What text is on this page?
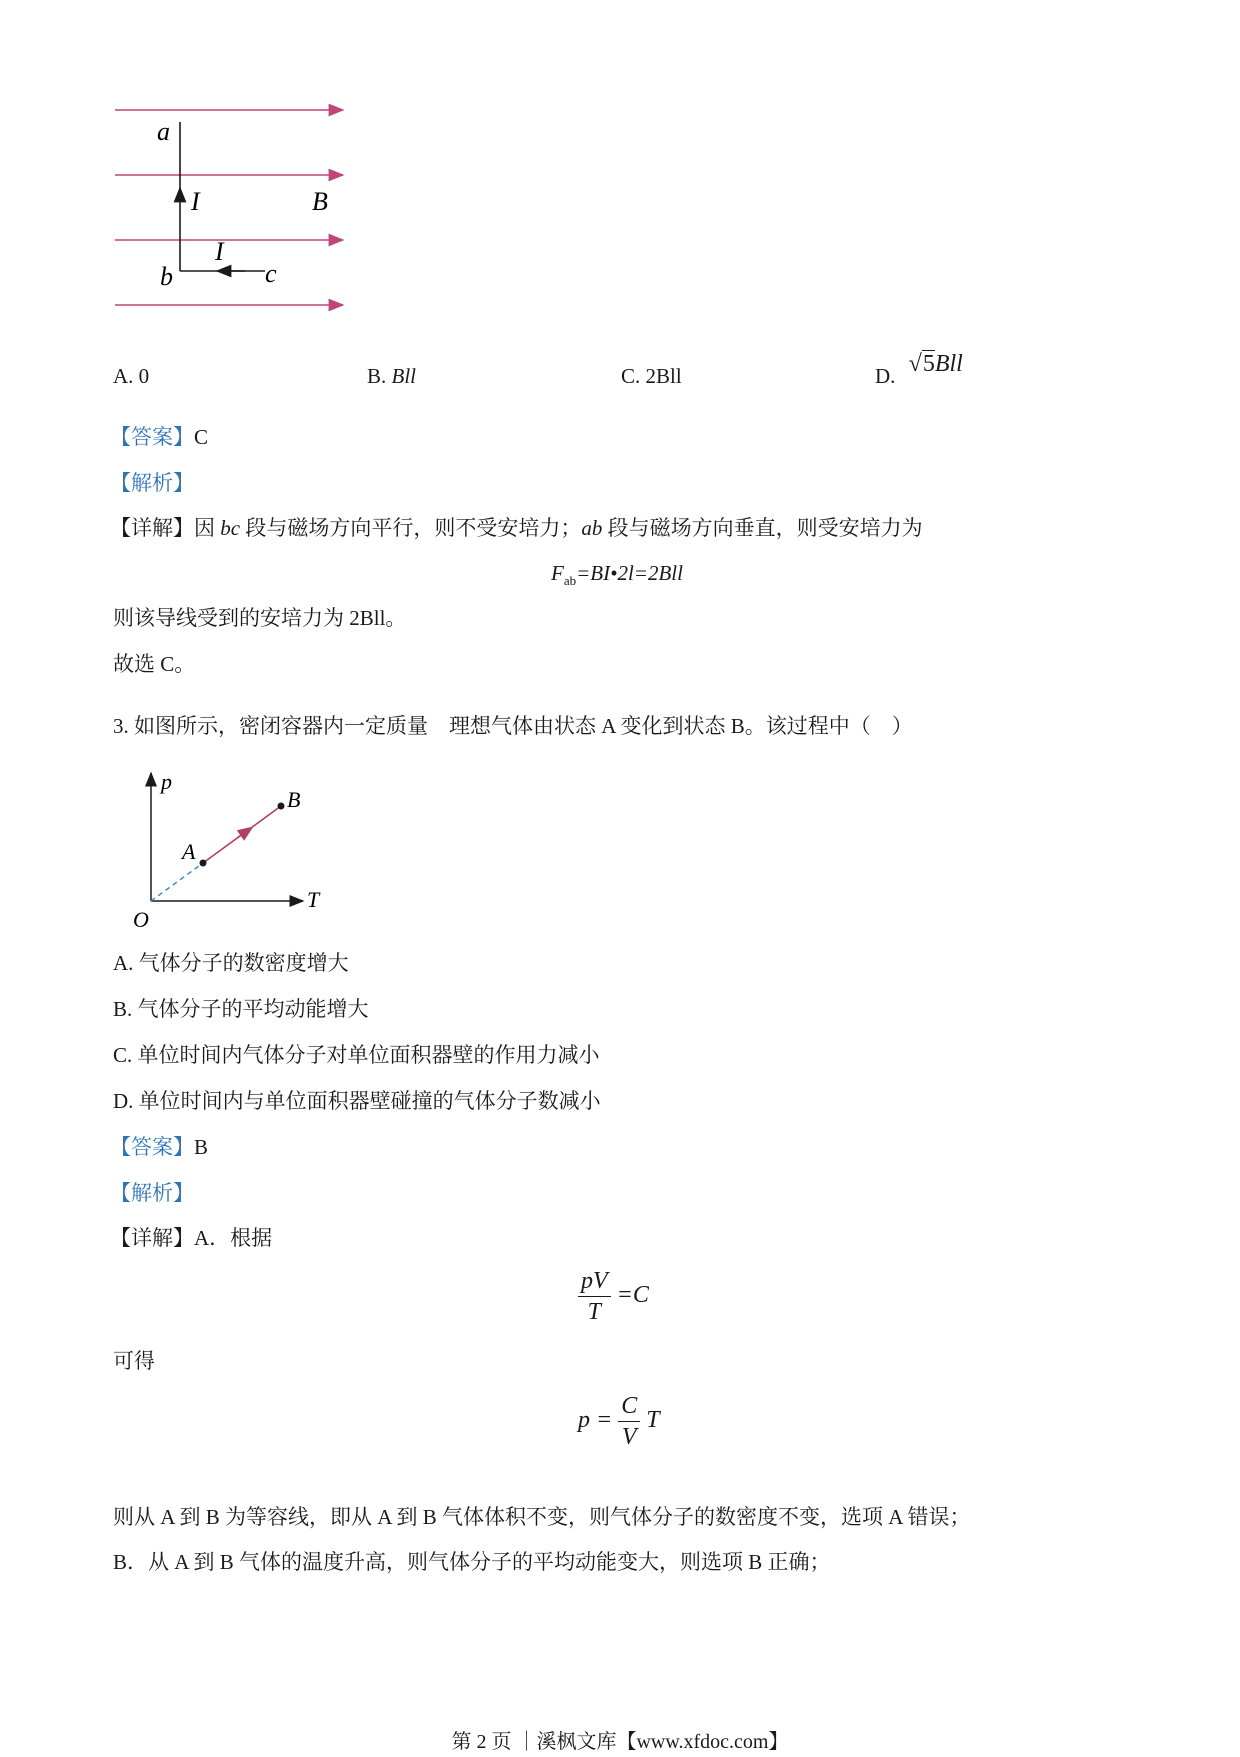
a
I	B
I
b	c
A. 0	B. Bll	C. 2Bll	D. √5Bll
【答案】C
【解析】
【详解】因 bc 段与磁场方向平行，则不受安培力；ab 段与磁场方向垂直，则受安培力为
$F_{ab}=BI•2l=2Bll$
则该导线受到的安培力为 2Bll。
故选 C。
3. 如图所示，密闭容器内一定质量　理想气体由状态 A 变化到状态 B。该过程中（　）
p
T
O
A
B
A. 气体分子的数密度增大
B. 气体分子的平均动能增大
C. 单位时间内气体分子对单位面积器壁的作用力减小
D. 单位时间内与单位面积器壁碰撞的气体分子数减小
【答案】B
【解析】
【详解】A．根据
$\frac{pV}{T} =C$
可得
$p = \frac{C}{V}$ T
则从 A 到 B 为等容线，即从 A 到 B 气体体积不变，则气体分子的数密度不变，选项 A 错误；
B．从 A 到 B 气体的温度升高，则气体分子的平均动能变大，则选项 B 正确；
第 2 页 ｜溪枫文库【www.xfdoc.com】
